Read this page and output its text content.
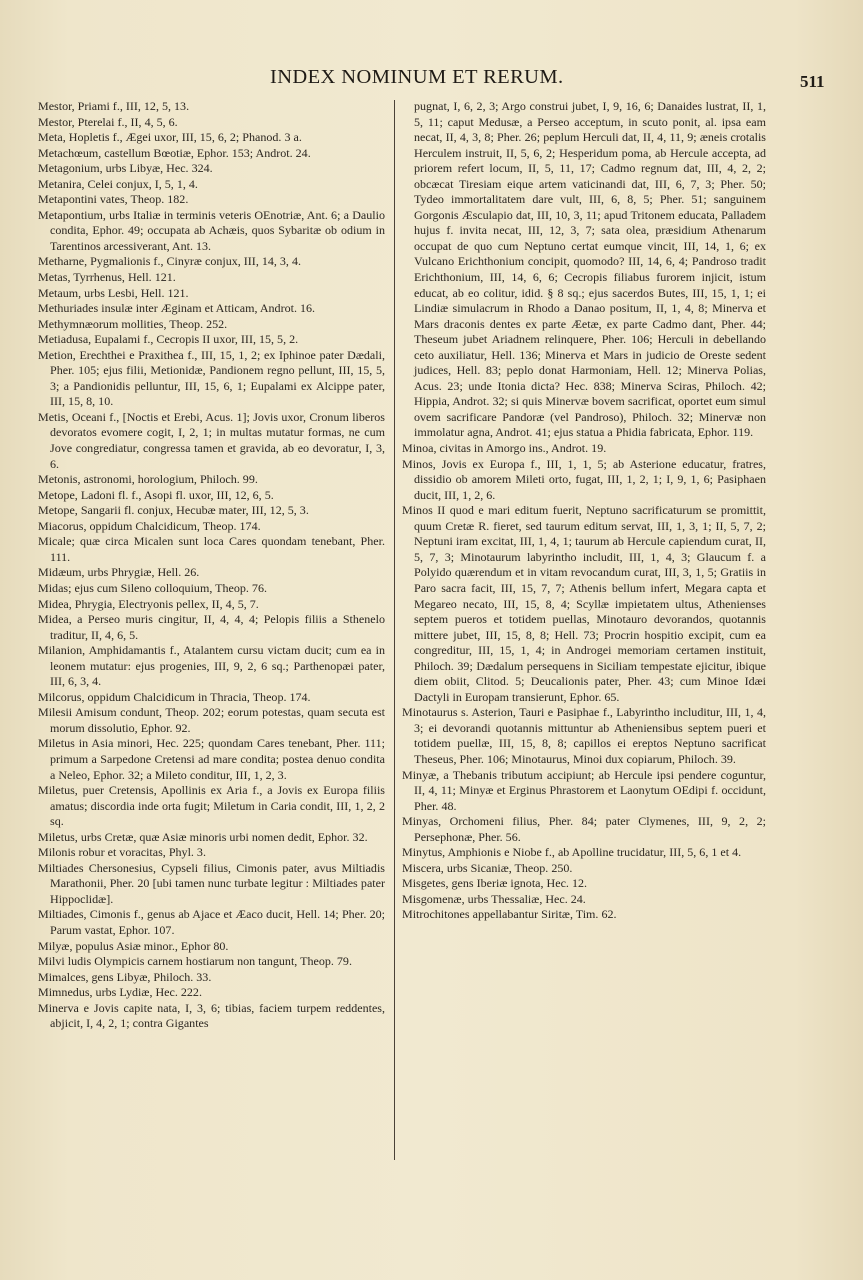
INDEX NOMINUM ET RERUM.	511

Mestor, Priami f., III, 12, 5, 13.

Mestor, Pterelai f., II, 4, 5, 6.

Meta, Hopletis f., Ægei uxor, III, 15, 6, 2; Phanod. 3 a.

Metachœum, castellum Bœotiæ, Ephor. 153; Androt. 24.

Metagonium, urbs Libyæ, Hec. 324.

Metanira, Celei conjux, I, 5, 1, 4.

Metapontini vates, Theop. 182.

Metapontium, urbs Italiæ in terminis veteris OEnotriæ, Ant. 6; a Daulio condita, Ephor. 49; occupata ab Achæis, quos Sybaritæ ob odium in Tarentinos arcessiverant, Ant. 13.

Metharne, Pygmalionis f., Cinyræ conjux, III, 14, 3, 4.

Metas, Tyrrhenus, Hell. 121.

Metaum, urbs Lesbi, Hell. 121.

Methuriades insulæ inter Æginam et Atticam, Androt. 16.

Methymnæorum mollities, Theop. 252.

Metiadusa, Eupalami f., Cecropis II uxor, III, 15, 5, 2.

Metion, Erechthei e Praxithea f., III, 15, 1, 2; ex Iphinoe pater Dædali, Pher. 105; ejus filii, Metionidæ, Pandionem regno pellunt, III, 15, 5, 3; a Pandionidis pelluntur, III, 15, 6, 1; Eupalami ex Alcippe pater, III, 15, 8, 10.

Metis, Oceani f., [Noctis et Erebi, Acus. 1]; Jovis uxor, Cronum liberos devoratos evomere cogit, I, 2, 1; in multas mutatur formas, ne cum Jove congrediatur, congressa tamen et gravida, ab eo devoratur, I, 3, 6.

Metonis, astronomi, horologium, Philoch. 99.

Metope, Ladoni fl. f., Asopi fl. uxor, III, 12, 6, 5.

Metope, Sangarii fl. conjux, Hecubæ mater, III, 12, 5, 3.

Miacorus, oppidum Chalcidicum, Theop. 174.

Micale; quæ circa Micalen sunt loca Cares quondam tenebant, Pher. 111.

Midæum, urbs Phrygiæ, Hell. 26.

Midas; ejus cum Sileno colloquium, Theop. 76.

Midea, Phrygia, Electryonis pellex, II, 4, 5, 7.

Midea, a Perseo muris cingitur, II, 4, 4, 4; Pelopis filiis a Sthenelo traditur, II, 4, 6, 5.

Milanion, Amphidamantis f., Atalantem cursu victam ducit; cum ea in leonem mutatur: ejus progenies, III, 9, 2, 6 sq.; Parthenopæi pater, III, 6, 3, 4.

Milcorus, oppidum Chalcidicum in Thracia, Theop. 174.

Milesii Amisum condunt, Theop. 202; eorum potestas, quam secuta est morum dissolutio, Ephor. 92.

Miletus in Asia minori, Hec. 225; quondam Cares tenebant, Pher. 111; primum a Sarpedone Cretensi ad mare condita; postea denuo condita a Neleo, Ephor. 32; a Mileto conditur, III, 1, 2, 3.

Miletus, puer Cretensis, Apollinis ex Aria f., a Jovis ex Europa filiis amatus; discordia inde orta fugit; Miletum in Caria condit, III, 1, 2, 2 sq.

Miletus, urbs Cretæ, quæ Asiæ minoris urbi nomen dedit, Ephor. 32.

Milonis robur et voracitas, Phyl. 3.

Miltiades Chersonesius, Cypseli filius, Cimonis pater, avus Miltiadis Marathonii, Pher. 20 [ubi tamen nunc turbate legitur : Miltiades pater Hippoclidæ].

Miltiades, Cimonis f., genus ab Ajace et Æaco ducit, Hell. 14; Pher. 20; Parum vastat, Ephor. 107.

Milyæ, populus Asiæ minor., Ephor 80.

Milvi ludis Olympicis carnem hostiarum non tangunt, Theop. 79.

Mimalces, gens Libyæ, Philoch. 33.

Mimnedus, urbs Lydiæ, Hec. 222.

Minerva e Jovis capite nata, I, 3, 6; tibias, faciem turpem reddentes, abjicit, I, 4, 2, 1; contra Gigantes

pugnat, I, 6, 2, 3; Argo construi jubet, I, 9, 16, 6; Danaides lustrat, II, 1, 5, 11; caput Medusæ, a Perseo acceptum, in scuto ponit, al. ipsa eam necat, II, 4, 3, 8; Pher. 26; peplum Herculi dat, II, 4, 11, 9; æneis crotalis Herculem instruit, II, 5, 6, 2; Hesperidum poma, ab Hercule accepta, ad priorem refert locum, II, 5, 11, 17; Cadmo regnum dat, III, 4, 2, 2; obcæcat Tiresiam eique artem vaticinandi dat, III, 6, 7, 3; Pher. 50; Tydeo immortalitatem dare vult, III, 6, 8, 5; Pher. 51; sanguinem Gorgonis Æsculapio dat, III, 10, 3, 11; apud Tritonem educata, Palladem hujus f. invita necat, III, 12, 3, 7; sata olea, præsidium Athenarum occupat de quo cum Neptuno certat eumque vincit, III, 14, 1, 6; ex Vulcano Erichthonium concipit, quomodo? III, 14, 6, 4; Pandroso tradit Erichthonium, III, 14, 6, 6; Cecropis filiabus furorem injicit, istum educat, ab eo colitur, idid. § 8 sq.; ejus sacerdos Butes, III, 15, 1, 1; ei Lindiæ simulacrum in Rhodo a Danao positum, II, 1, 4, 8; Minerva et Mars draconis dentes ex parte Æetæ, ex parte Cadmo dant, Pher. 44; Theseum jubet Ariadnem relinquere, Pher. 106; Herculi in debellando ceto auxiliatur, Hell. 136; Minerva et Mars in judicio de Oreste sedent judices, Hell. 83; peplo donat Harmoniam, Hell. 12; Minerva Polias, Acus. 23; unde Itonia dicta? Hec. 838; Minerva Sciras, Philoch. 42; Hippia, Androt. 32; si quis Minervæ bovem sacrificat, oportet eum simul ovem sacrificare Pandoræ (vel Pandroso), Philoch. 32; Minervæ non immolatur agna, Androt. 41; ejus statua a Phidia fabricata, Ephor. 119.

Minoa, civitas in Amorgo ins., Androt. 19.

Minos, Jovis ex Europa f., III, 1, 1, 5; ab Asterione educatur, fratres, dissidio ob amorem Mileti orto, fugat, III, 1, 2, 1; I, 9, 1, 6; Pasiphaen ducit, III, 1, 2, 6.

Minos II quod e mari editum fuerit, Neptuno sacrificaturum se promittit, quum Cretæ R. fieret, sed taurum editum servat, III, 1, 3, 1; II, 5, 7, 2; Neptuni iram excitat, III, 1, 4, 1; taurum ab Hercule capiendum curat, II, 5, 7, 3; Minotaurum labyrintho includit, III, 1, 4, 3; Glaucum f. a Polyido quærendum et in vitam revocandum curat, III, 3, 1, 5; Gratiis in Paro sacra facit, III, 15, 7, 7; Athenis bellum infert, Megara capta et Megareo necato, III, 15, 8, 4; Scyllæ impietatem ultus, Athenienses septem pueros et totidem puellas, Minotauro devorandos, quotannis mittere jubet, III, 15, 8, 8; Hell. 73; Procrin hospitio excipit, cum ea congreditur, III, 15, 1, 4; in Androgei memoriam certamen instituit, Philoch. 39; Dædalum persequens in Siciliam tempestate ejicitur, ibique diem obiit, Clitod. 5; Deucalionis pater, Pher. 43; cum Minoe Idæi Dactyli in Europam transierunt, Ephor. 65.

Minotaurus s. Asterion, Tauri e Pasiphae f., Labyrintho includitur, III, 1, 4, 3; ei devorandi quotannis mittuntur ab Atheniensibus septem pueri et totidem puellæ, III, 15, 8, 8; capillos ei ereptos Neptuno sacrificat Theseus, Pher. 106; Minotaurus, Minoi dux copiarum, Philoch. 39.

Minyæ, a Thebanis tributum accipiunt; ab Hercule ipsi pendere coguntur, II, 4, 11; Minyæ et Erginus Phrastorem et Laonytum OEdipi f. occidunt, Pher. 48.

Minyas, Orchomeni filius, Pher. 84; pater Clymenes, III, 9, 2, 2; Persephonæ, Pher. 56.

Minytus, Amphionis e Niobe f., ab Apolline trucidatur, III, 5, 6, 1 et 4.

Miscera, urbs Sicaniæ, Theop. 250.

Misgetes, gens Iberiæ ignota, Hec. 12.

Misgomenæ, urbs Thessaliæ, Hec. 24.

Mitrochitones appellabantur Siritæ, Tim. 62.
